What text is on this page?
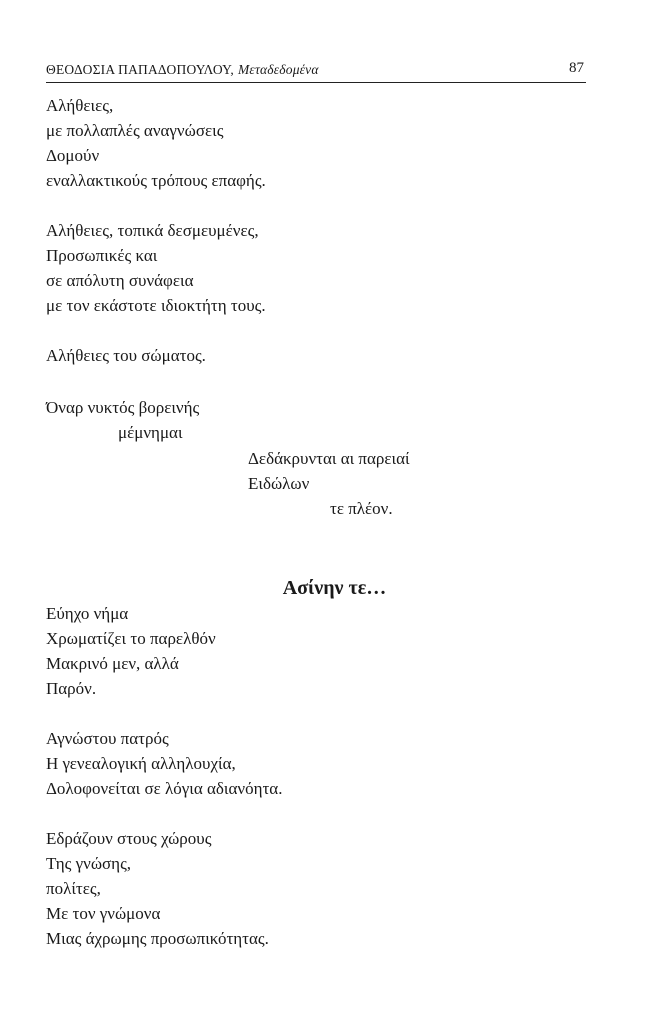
ΘΕΟΔΟΣΙΑ ΠΑΠΑΔΟΠΟΥΛΟΥ, Μεταδεδομένα	87
Αλήθειες,
με πολλαπλές αναγνώσεις
Δομούν
εναλλακτικούς τρόπους επαφής.
Αλήθειες, τοπικά δεσμευμένες,
Προσωπικές και
σε απόλυτη συνάφεια
με τον εκάστοτε ιδιοκτήτη τους.
Αλήθειες του σώματος.
Όναρ νυκτός βορεινής
μέμνημαι
Δεδάκρυνται αι παρειαί
Ειδώλων
τε πλέον.
Ασίνην τε…
Εύηχο νήμα
Χρωματίζει το παρελθόν
Μακρινό μεν, αλλά
Παρόν.
Αγνώστου πατρός
Η γενεαλογική αλληλουχία,
Δολοφονείται σε λόγια αδιανόητα.
Εδράζουν στους χώρους
Της γνώσης,
πολίτες,
Με τον γνώμονα
Μιας άχρωμης προσωπικότητας.
